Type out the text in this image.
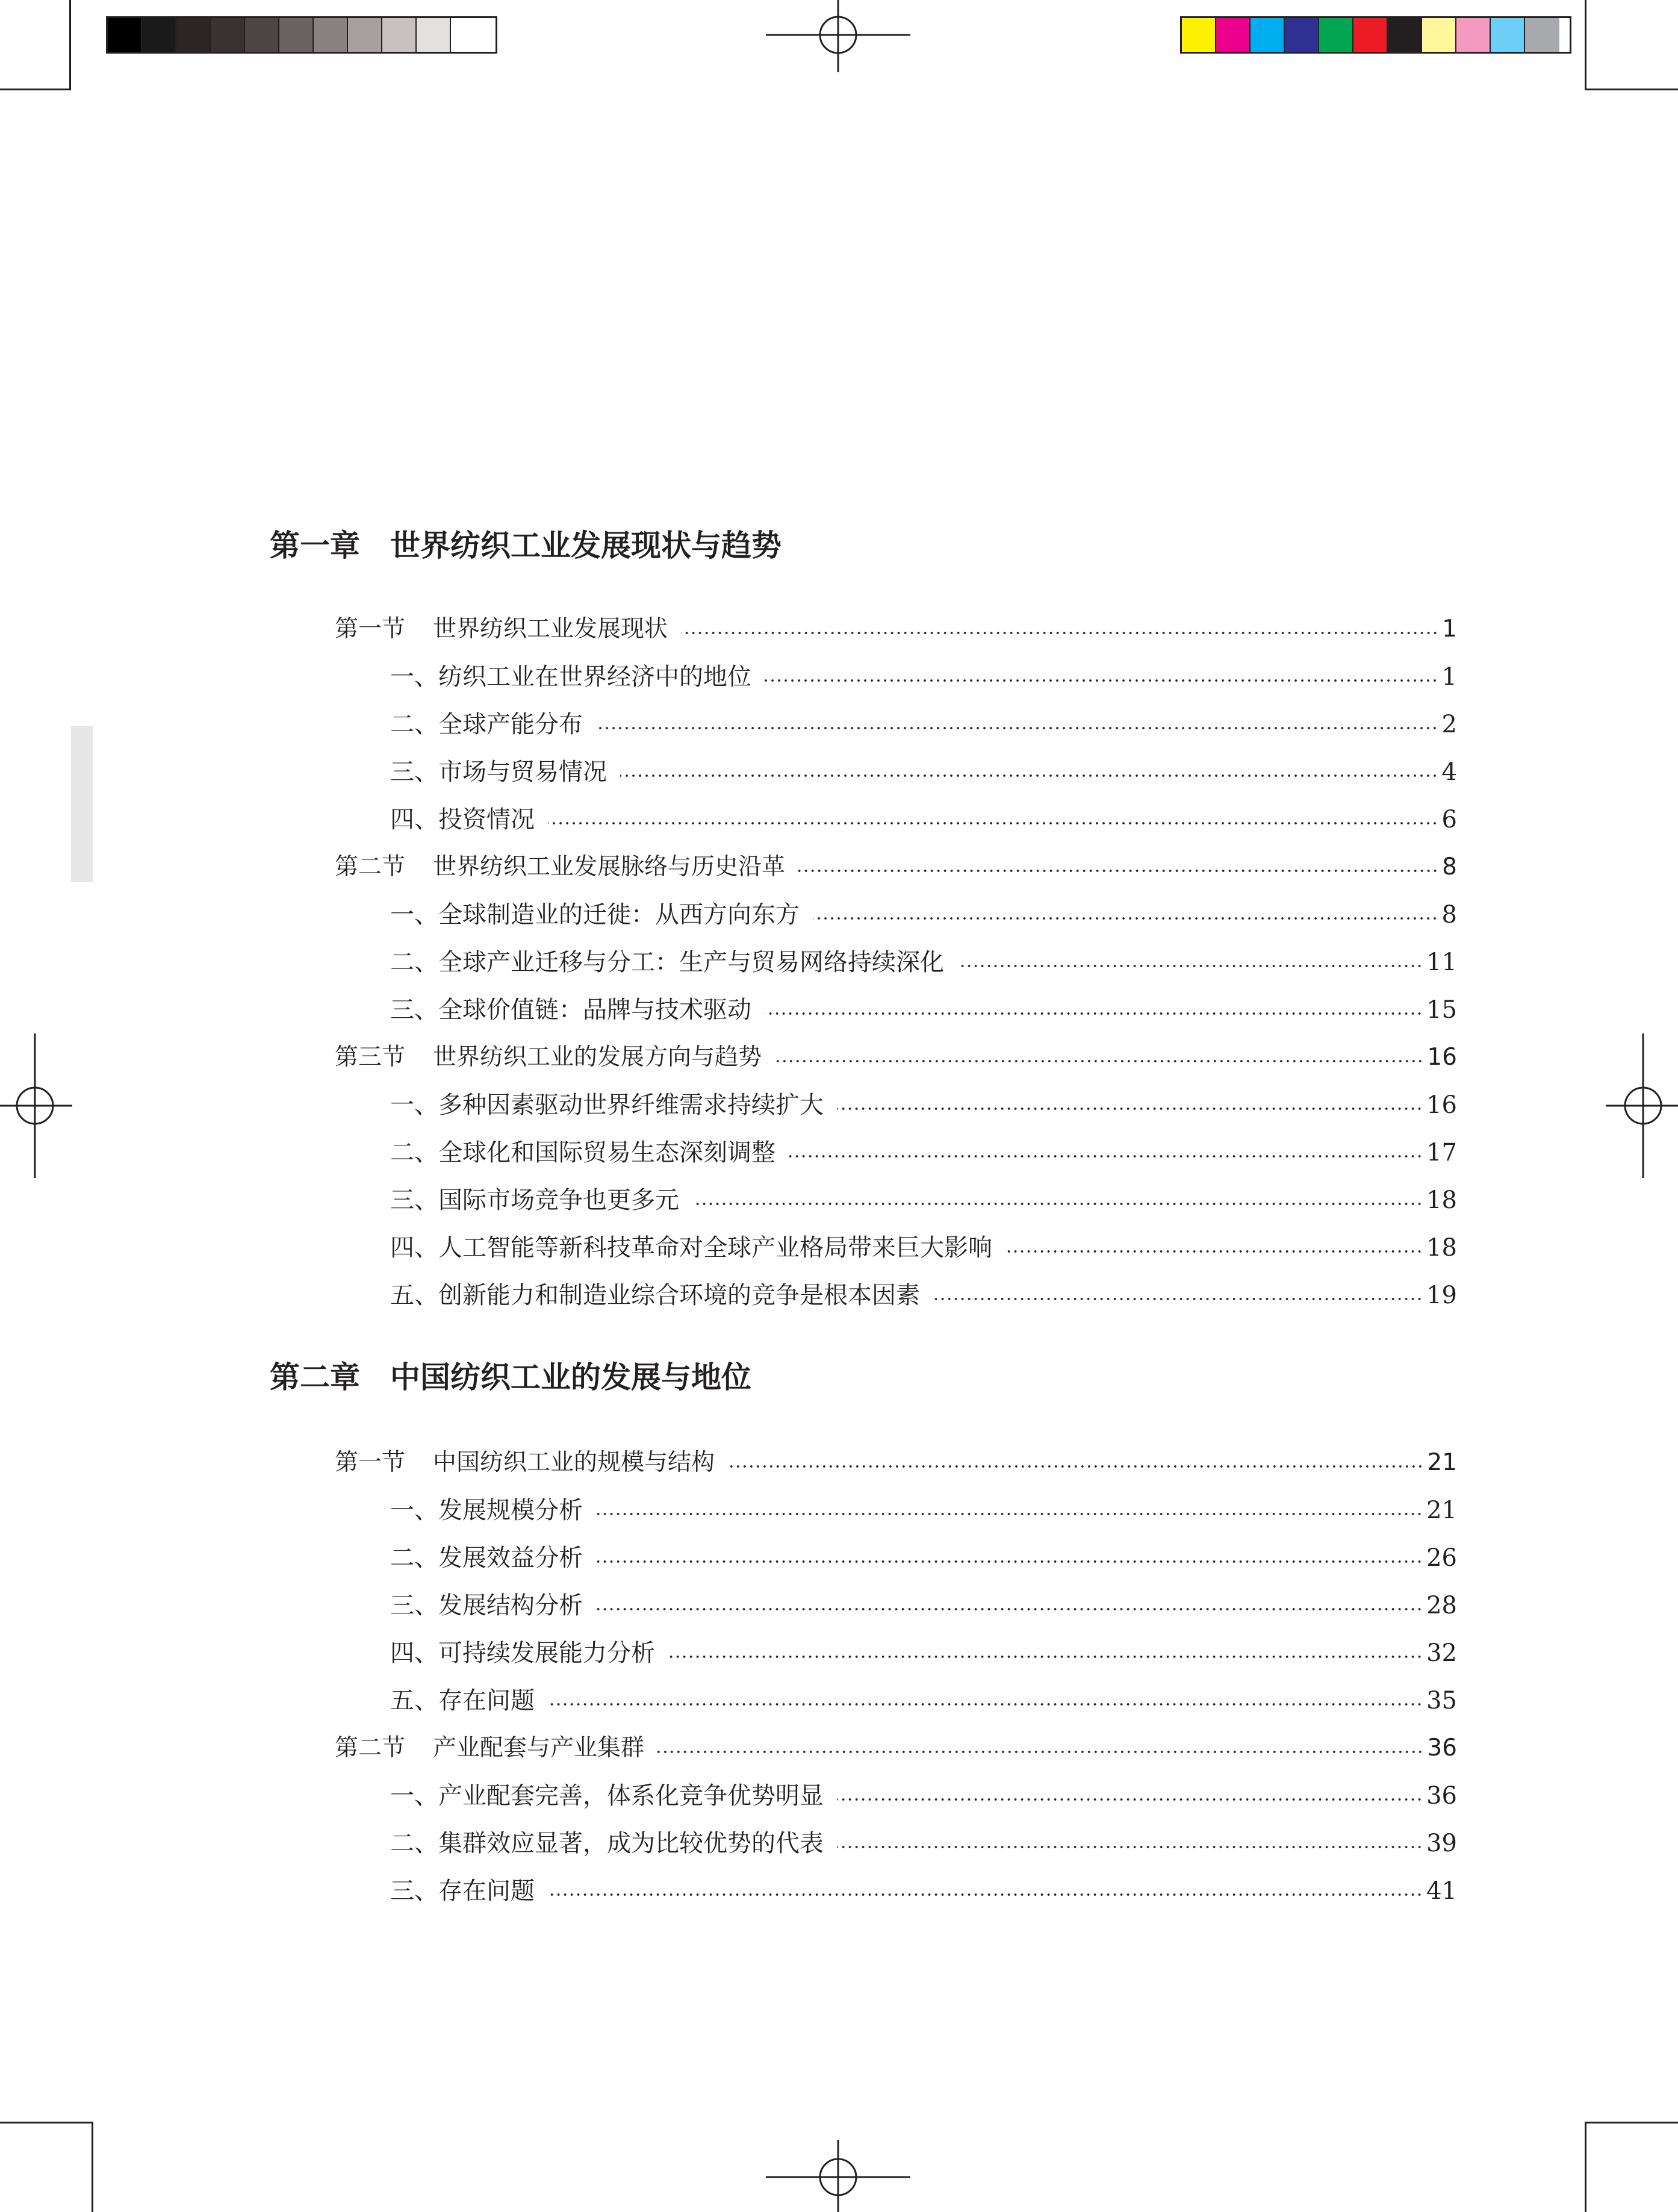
第一章 世界纺织工业发展现状与趋势
第一节 世界纺织工业发展现状	1
一、 纺织工业在世界经济中的地位	1
二、 全球产能分布	2
三、 市场与贸易情况	4
四、 投资情况	6
第二节 世界纺织工业发展脉络与历史沿革	8
一、 全球制造业的迁徙：从西方向东方	8
二、 全球产业迁移与分工：生产与贸易网络持续深化	11
三、 全球价值链：品牌与技术驱动	15
第三节 世界纺织工业的发展方向与趋势	16
一、 多种因素驱动世界纤维需求持续扩大	16
二、 全球化和国际贸易生态深刻调整	17
三、 国际市场竞争也更多元	18
四、 人工智能等新科技革命对全球产业格局带来巨大影响	18
五、 创新能力和制造业综合环境的竞争是根本因素	19
第二章 中国纺织工业的发展与地位
第一节 中国纺织工业的规模与结构	21
一、 发展规模分析	21
二、 发展效益分析	26
三、 发展结构分析	28
四、 可持续发展能力分析	32
五、 存在问题	35
第二节 产业配套与产业集群	36
一、 产业配套完善，体系化竞争优势明显	36
二、 集群效应显著，成为比较优势的代表	39
三、 存在问题	41
